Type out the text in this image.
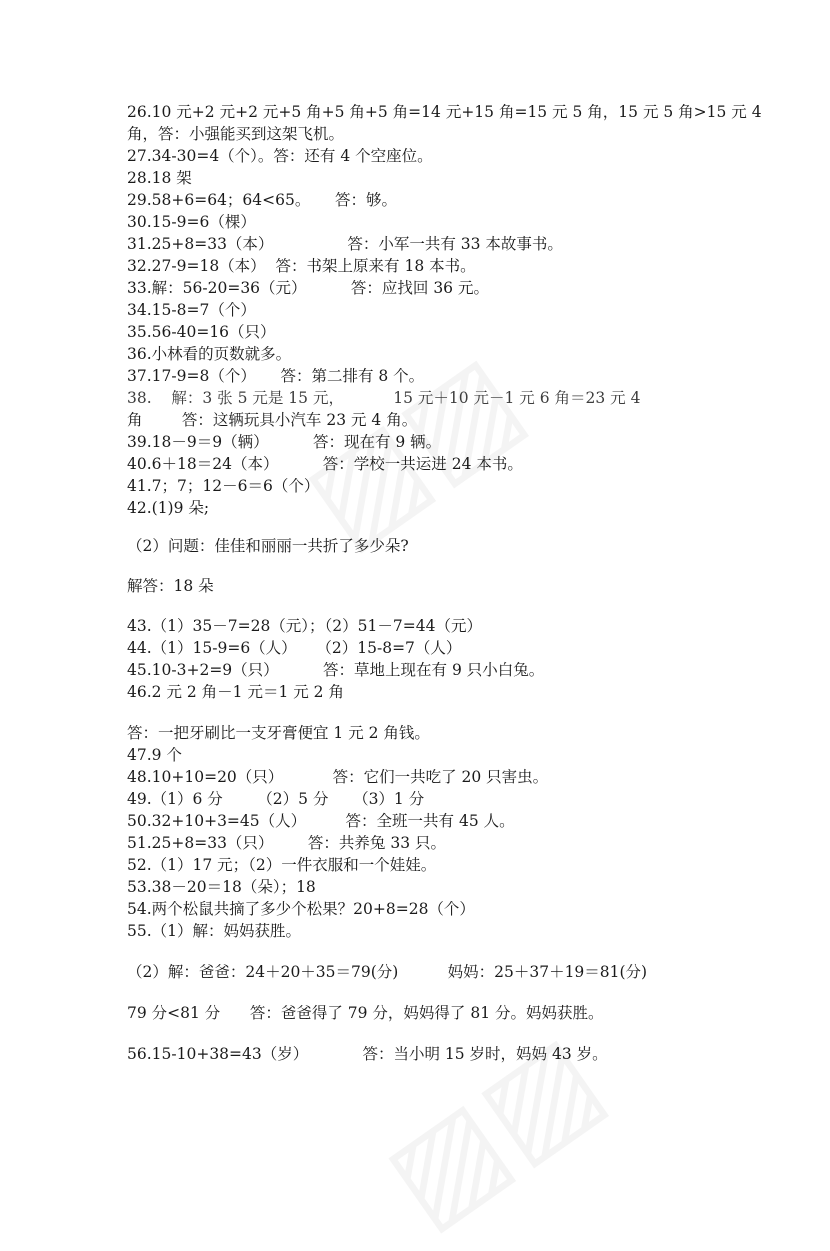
26.10 元+2 元+2 元+5 角+5 角+5 角=14 元+15 角=15 元 5 角，15 元 5 角>15 元 4
角，答：小强能买到这架飞机。
27.34-30=4（个）。答：还有 4 个空座位。
28.18 架
29.58+6=64；64<65。     答：够。
30.15-9=6（棵）
31.25+8=33（本）               答：小军一共有 33 本故事书。
32.27-9=18（本）  答：书架上原来有 18 本书。
33.解：56-20=36（元）         答：应找回 36 元。
34.15-8=7（个）
35.56-40=16（只）
36.小林看的页数就多。
37.17-9=8（个）     答：第二排有 8 个。
38.    解：3 张 5 元是 15 元，          15 元＋10 元－1 元 6 角＝23 元 4
角        答：这辆玩具小汽车 23 元 4 角。
39.18－9＝9（辆）         答：现在有 9 辆。
40.6＋18＝24（本）         答：学校一共运进 24 本书。
41.7；7；12－6＝6（个）
42.(1)9 朵;
（2）问题：佳佳和丽丽一共折了多少朵?
解答：18 朵
43.（1）35－7=28（元）；（2）51－7=44（元）
44.（1）15-9=6（人）    （2）15-8=7（人）
45.10-3+2=9（只）         答：草地上现在有 9 只小白兔。
46.2 元 2 角－1 元＝1 元 2 角
答：一把牙刷比一支牙膏便宜 1 元 2 角钱。
47.9 个
48.10+10=20（只）          答：它们一共吃了 20 只害虫。
49.（1）6 分       （2）5 分     （3）1 分
50.32+10+3=45（人）        答：全班一共有 45 人。
51.25+8=33（只）       答：共养兔 33 只。
52.（1）17 元；（2）一件衣服和一个娃娃。
53.38－20＝18（朵）；18
54.两个松鼠共摘了多少个松果？20+8=28（个）
55.（1）解：妈妈获胜。
（2）解：爸爸：24＋20＋35＝79(分)          妈妈：25＋37＋19＝81(分)
79 分<81 分      答：爸爸得了 79 分，妈妈得了 81 分。妈妈获胜。
56.15-10+38=43（岁）           答：当小明 15 岁时，妈妈 43 岁。
